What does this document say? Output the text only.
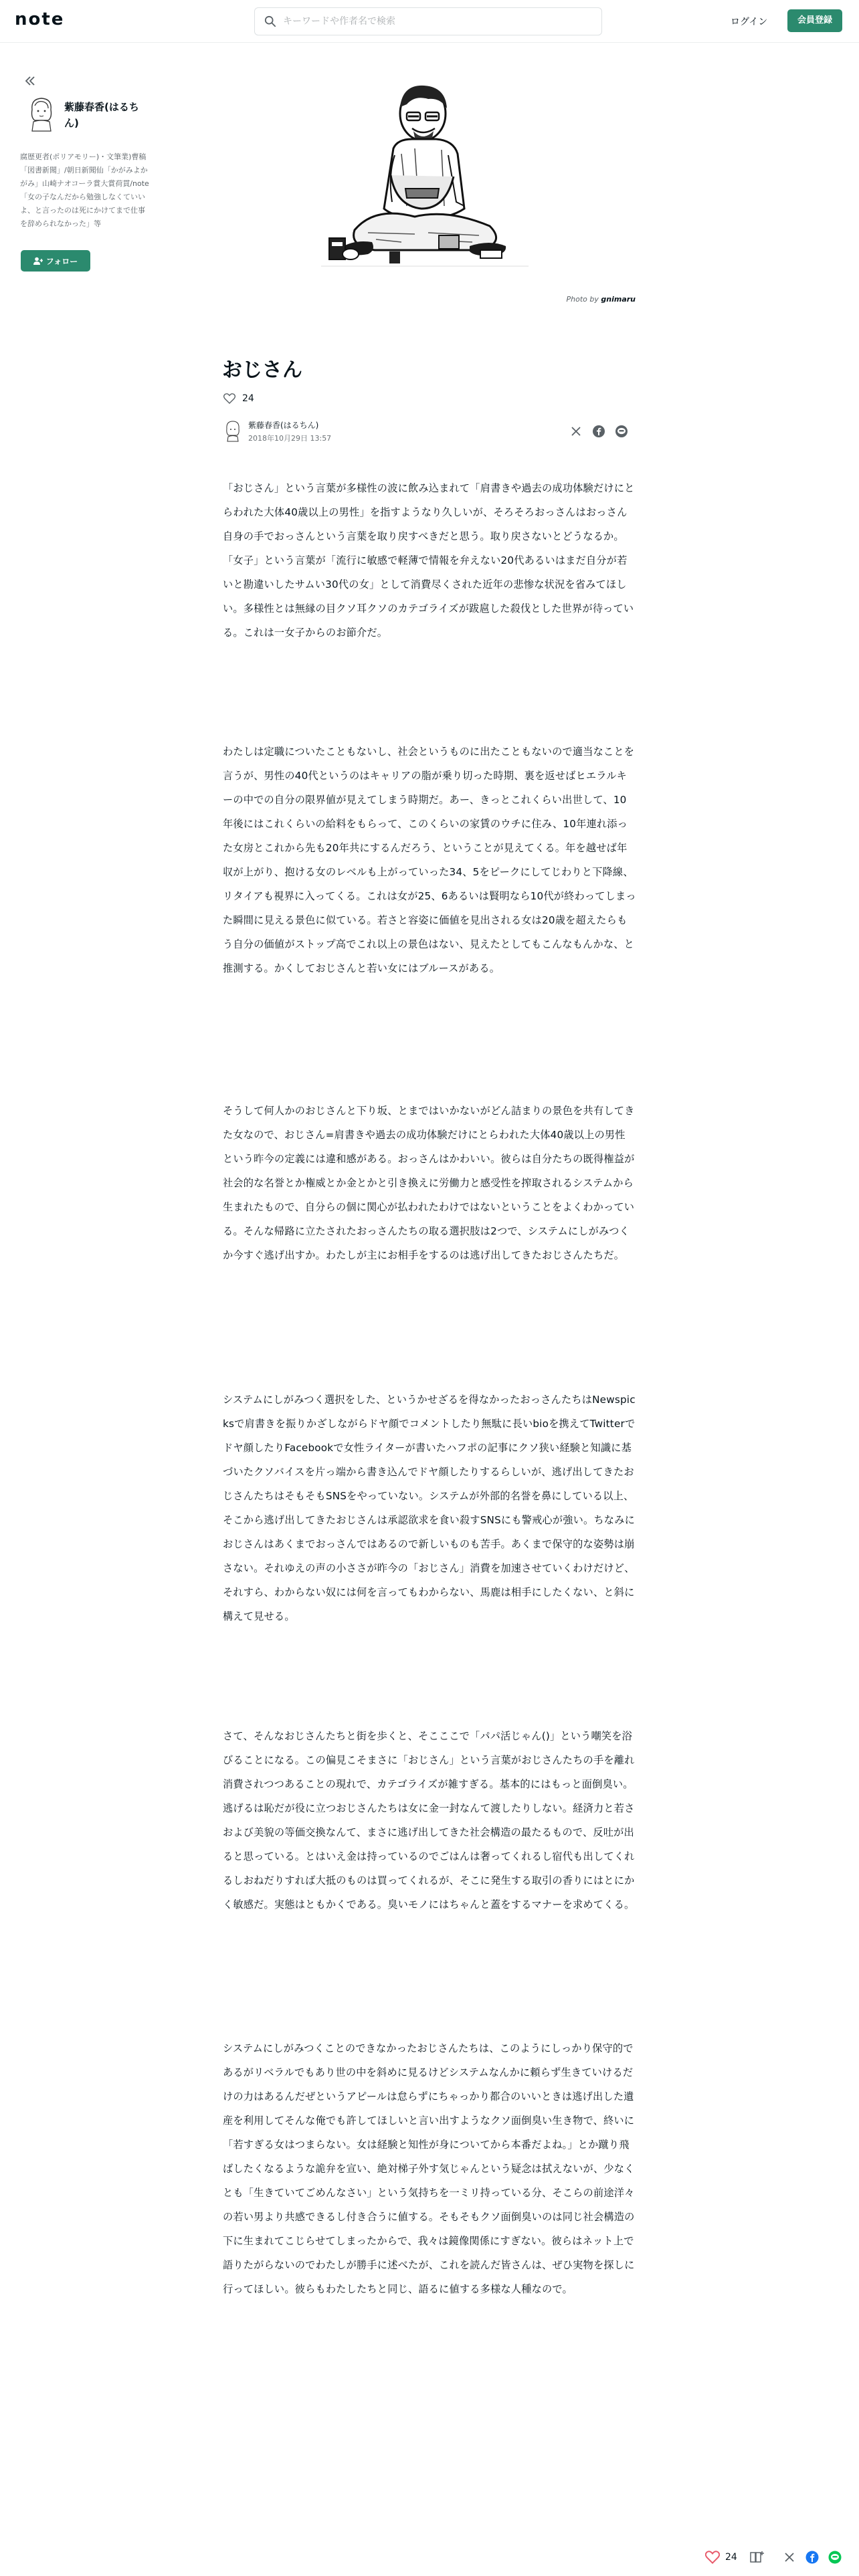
note
キーワードや作者名で検索	ログイン	会員登録
紫藤春香(はるちん)
腐歴更者(ポリアモリー)・文筆業)曹稿「図書新聞」/朝日新聞仙「かがみよかがみ」山崎ナオコーラ賞大賞荷貫/note「女の子なんだから勉強しなくていいよ、と言ったのは死にかけてまで仕事を辞められなかった」等
フォロー
Photo by gnimaru
おじさん
24
紫藤春香(はるちん)
2018年10月29日 13:57
「おじさん」という言葉が多様性の波に飲み込まれて「肩書きや過去の成功体験だけにとらわれた大体40歳以上の男性」を指すようなり久しいが、そろそろおっさんはおっさん自身の手でおっさんという言葉を取り戻すべきだと思う。取り戻さないとどうなるか。「女子」という言葉が「流行に敏感で軽薄で情報を弁えない20代あるいはまだ自分が若いと勘違いしたサムい30代の女」として消費尽くされた近年の悲惨な状況を省みてほしい。多様性とは無縁の目クソ耳クソのカテゴライズが跋扈した殺伐とした世界が待っている。これは一女子からのお節介だ。
わたしは定職についたこともないし、社会というものに出たこともないので適当なことを言うが、男性の40代というのはキャリアの脂が乗り切った時期、裏を返せばヒエラルキーの中での自分の限界値が見えてしまう時期だ。あー、きっとこれくらい出世して、10年後にはこれくらいの給料をもらって、このくらいの家賃のウチに住み、10年連れ添った女房とこれから先も20年共にするんだろう、ということが見えてくる。年を越せば年収が上がり、抱ける女のレベルも上がっていった34、5をピークにしてじわりと下降線、リタイアも視界に入ってくる。これは女が25、6あるいは賢明なら10代が終わってしまった瞬間に見える景色に似ている。若さと容姿に価値を見出される女は20歳を超えたらもう自分の価値がストップ高でこれ以上の景色はない、見えたとしてもこんなもんかな、と推測する。かくしておじさんと若い女にはブルースがある。
そうして何人かのおじさんと下り坂、とまではいかないがどん詰まりの景色を共有してきた女なので、おじさん=肩書きや過去の成功体験だけにとらわれた大体40歳以上の男性 という昨今の定義には違和感がある。おっさんはかわいい。彼らは自分たちの既得権益が社会的な名誉とか権威とか金とかと引き換えに労働力と感受性を搾取されるシステムから生まれたもので、自分らの個に関心が払われたわけではないということをよくわかっている。そんな帰路に立たされたおっさんたちの取る選択肢は2つで、システムにしがみつくか今すぐ逃げ出すか。わたしが主にお相手をするのは逃げ出してきたおじさんたちだ。
システムにしがみつく選択をした、というかせざるを得なかったおっさんたちはNewspicksで肩書きを振りかざしながらドヤ顔でコメントしたり無駄に長いbioを携えてTwitterでドヤ顔したりFacebookで女性ライターが書いたハフポの記事にクソ狭い経験と知識に基づいたクソバイスを片っ端から書き込んでドヤ顔したりするらしいが、逃げ出してきたおじさんたちはそもそもSNSをやっていない。システムが外部的名誉を鼻にしている以上、そこから逃げ出してきたおじさんは承認欲求を食い殺すSNSにも警戒心が強い。ちなみにおじさんはあくまでおっさんではあるので新しいものも苦手。あくまで保守的な姿勢は崩さない。それゆえの声の小ささが昨今の「おじさん」消費を加速させていくわけだけど、それすら、わからない奴には何を言ってもわからない、馬鹿は相手にしたくない、と斜に構えて見せる。
さて、そんなおじさんたちと街を歩くと、そこここで「パパ活じゃん()」という嘲笑を浴びることになる。この偏見こそまさに「おじさん」という言葉がおじさんたちの手を離れ消費されつつあることの現れで、カテゴライズが雑すぎる。基本的にはもっと面倒臭い。逃げるは恥だが役に立つおじさんたちは女に金一封なんて渡したりしない。経済力と若さおよび美貌の等価交換なんて、まさに逃げ出してきた社会構造の最たるもので、反吐が出ると思っている。とはいえ金は持っているのでごはんは奢ってくれるし宿代も出してくれるしおねだりすれば大抵のものは買ってくれるが、そこに発生する取引の香りにはとにかく敏感だ。実態はともかくである。臭いモノにはちゃんと蓋をするマナーを求めてくる。
システムにしがみつくことのできなかったおじさんたちは、このようにしっかり保守的であるがリベラルでもあり世の中を斜めに見るけどシステムなんかに頼らず生きていけるだけの力はあるんだぜというアピールは怠らずにちゃっかり都合のいいときは逃げ出した遺産を利用してそんな俺でも許してほしいと言い出すようなクソ面倒臭い生き物で、終いに「若すぎる女はつまらない。女は経験と知性が身についてから本番だよね。」とか蹴り飛ばしたくなるような詭弁を宣い、絶対梯子外す気じゃんという疑念は拭えないが、少なくとも「生きていてごめんなさい」という気持ちを一ミリ持っている分、そこらの前途洋々の若い男より共感できるし付き合うに値する。そもそもクソ面倒臭いのは同じ社会構造の下に生まれてこじらせてしまったからで、我々は鏡像関係にすぎない。彼らはネット上で語りたがらないのでわたしが勝手に述べたが、これを読んだ皆さんは、ぜひ実物を探しに行ってほしい。彼らもわたしたちと同じ、語るに値する多様な人種なので。
24
